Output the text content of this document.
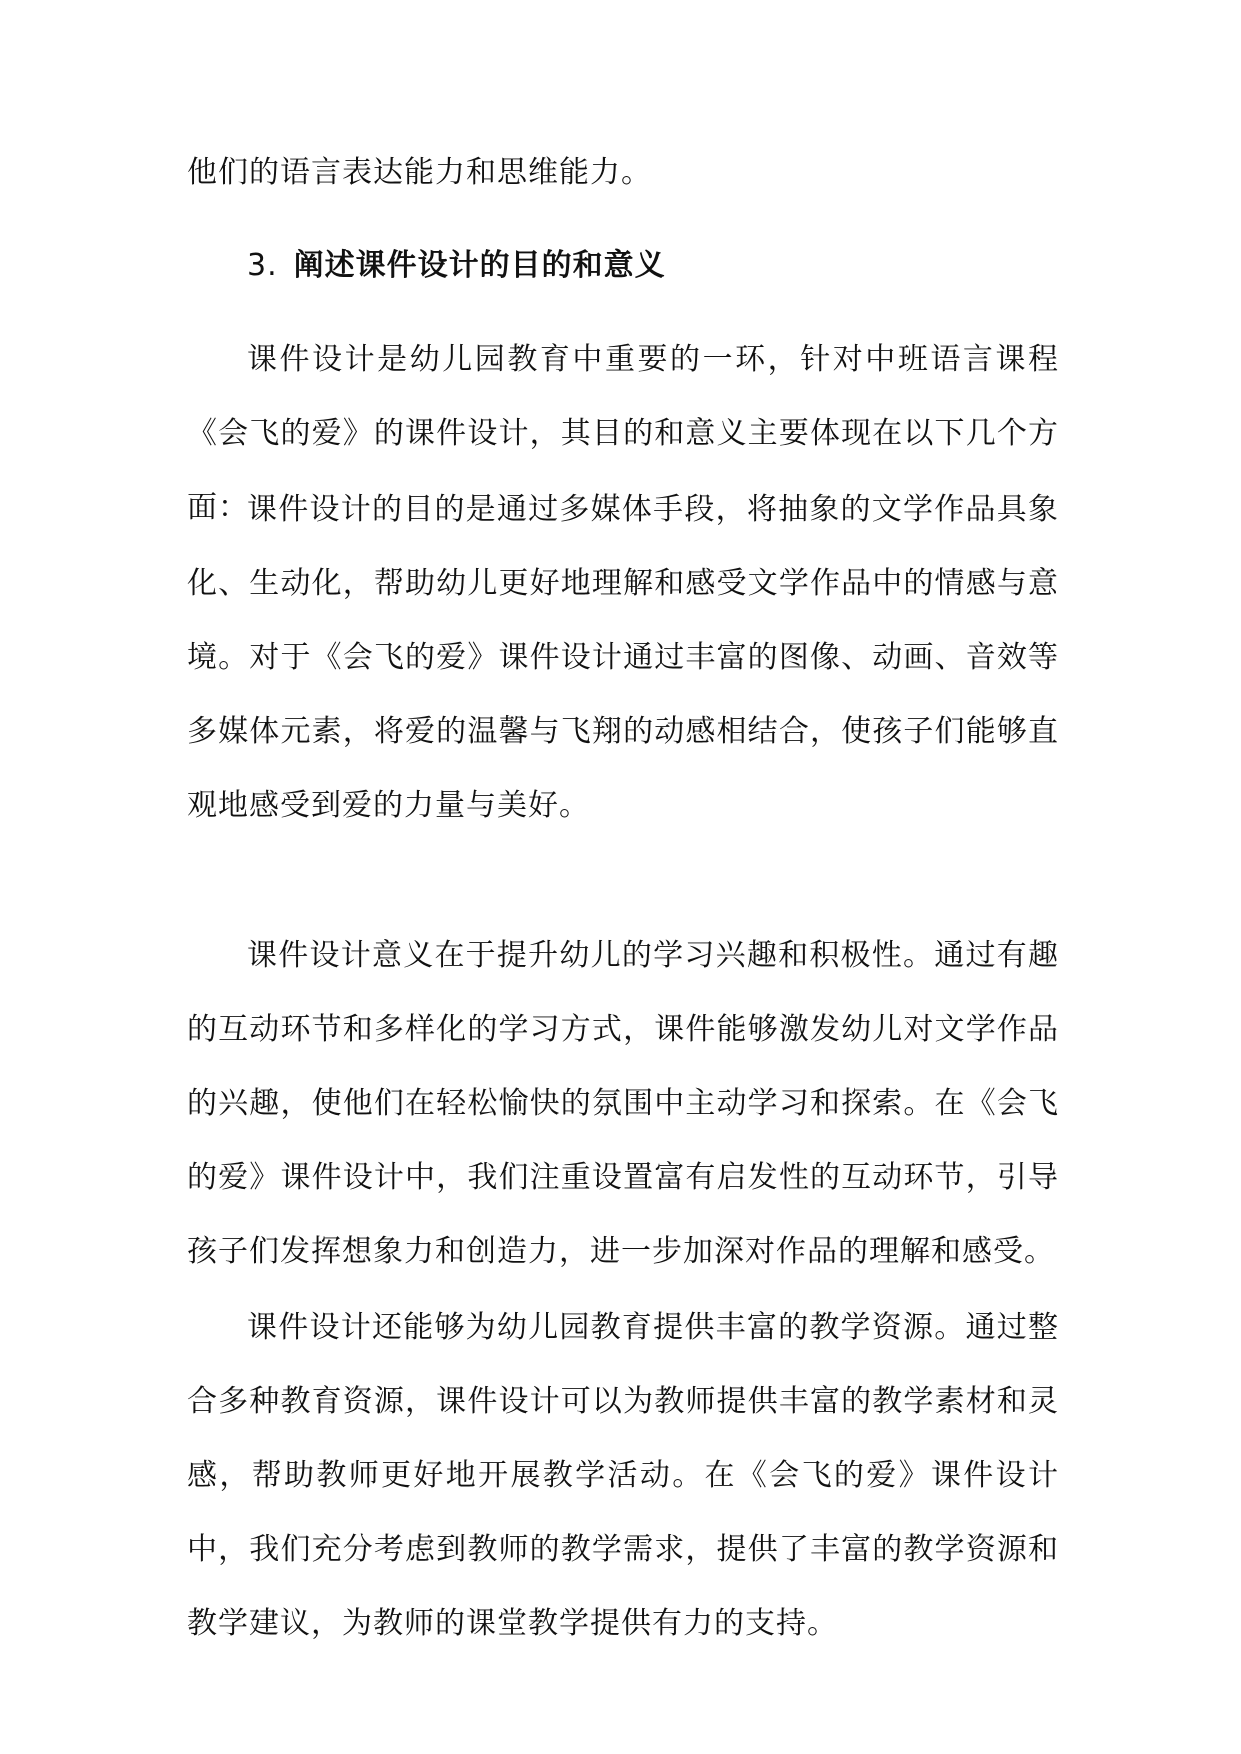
他们的语言表达能力和思维能力。
3. 阐述课件设计的目的和意义
课件设计是幼儿园教育中重要的一环，针对中班语言课程《会飞的爱》的课件设计，其目的和意义主要体现在以下几个方面：
课件设计的目的是通过多媒体手段，将抽象的文学作品具象化、生动化，帮助幼儿更好地理解和感受文学作品中的情感与意境。对于《会飞的爱》课件设计通过丰富的图像、动画、音效等多媒体元素，将爱的温馨与飞翔的动感相结合，使孩子们能够直观地感受到爱的力量与美好。
课件设计意义在于提升幼儿的学习兴趣和积极性。通过有趣的互动环节和多样化的学习方式，课件能够激发幼儿对文学作品的兴趣，使他们在轻松愉快的氛围中主动学习和探索。在《会飞的爱》课件设计中，我们注重设置富有启发性的互动环节，引导孩子们发挥想象力和创造力，进一步加深对作品的理解和感受。
课件设计还能够为幼儿园教育提供丰富的教学资源。通过整合多种教育资源，课件设计可以为教师提供丰富的教学素材和灵感，帮助教师更好地开展教学活动。在《会飞的爱》课件设计中，我们充分考虑到教师的教学需求，提供了丰富的教学资源和教学建议，为教师的课堂教学提供有力的支持。
